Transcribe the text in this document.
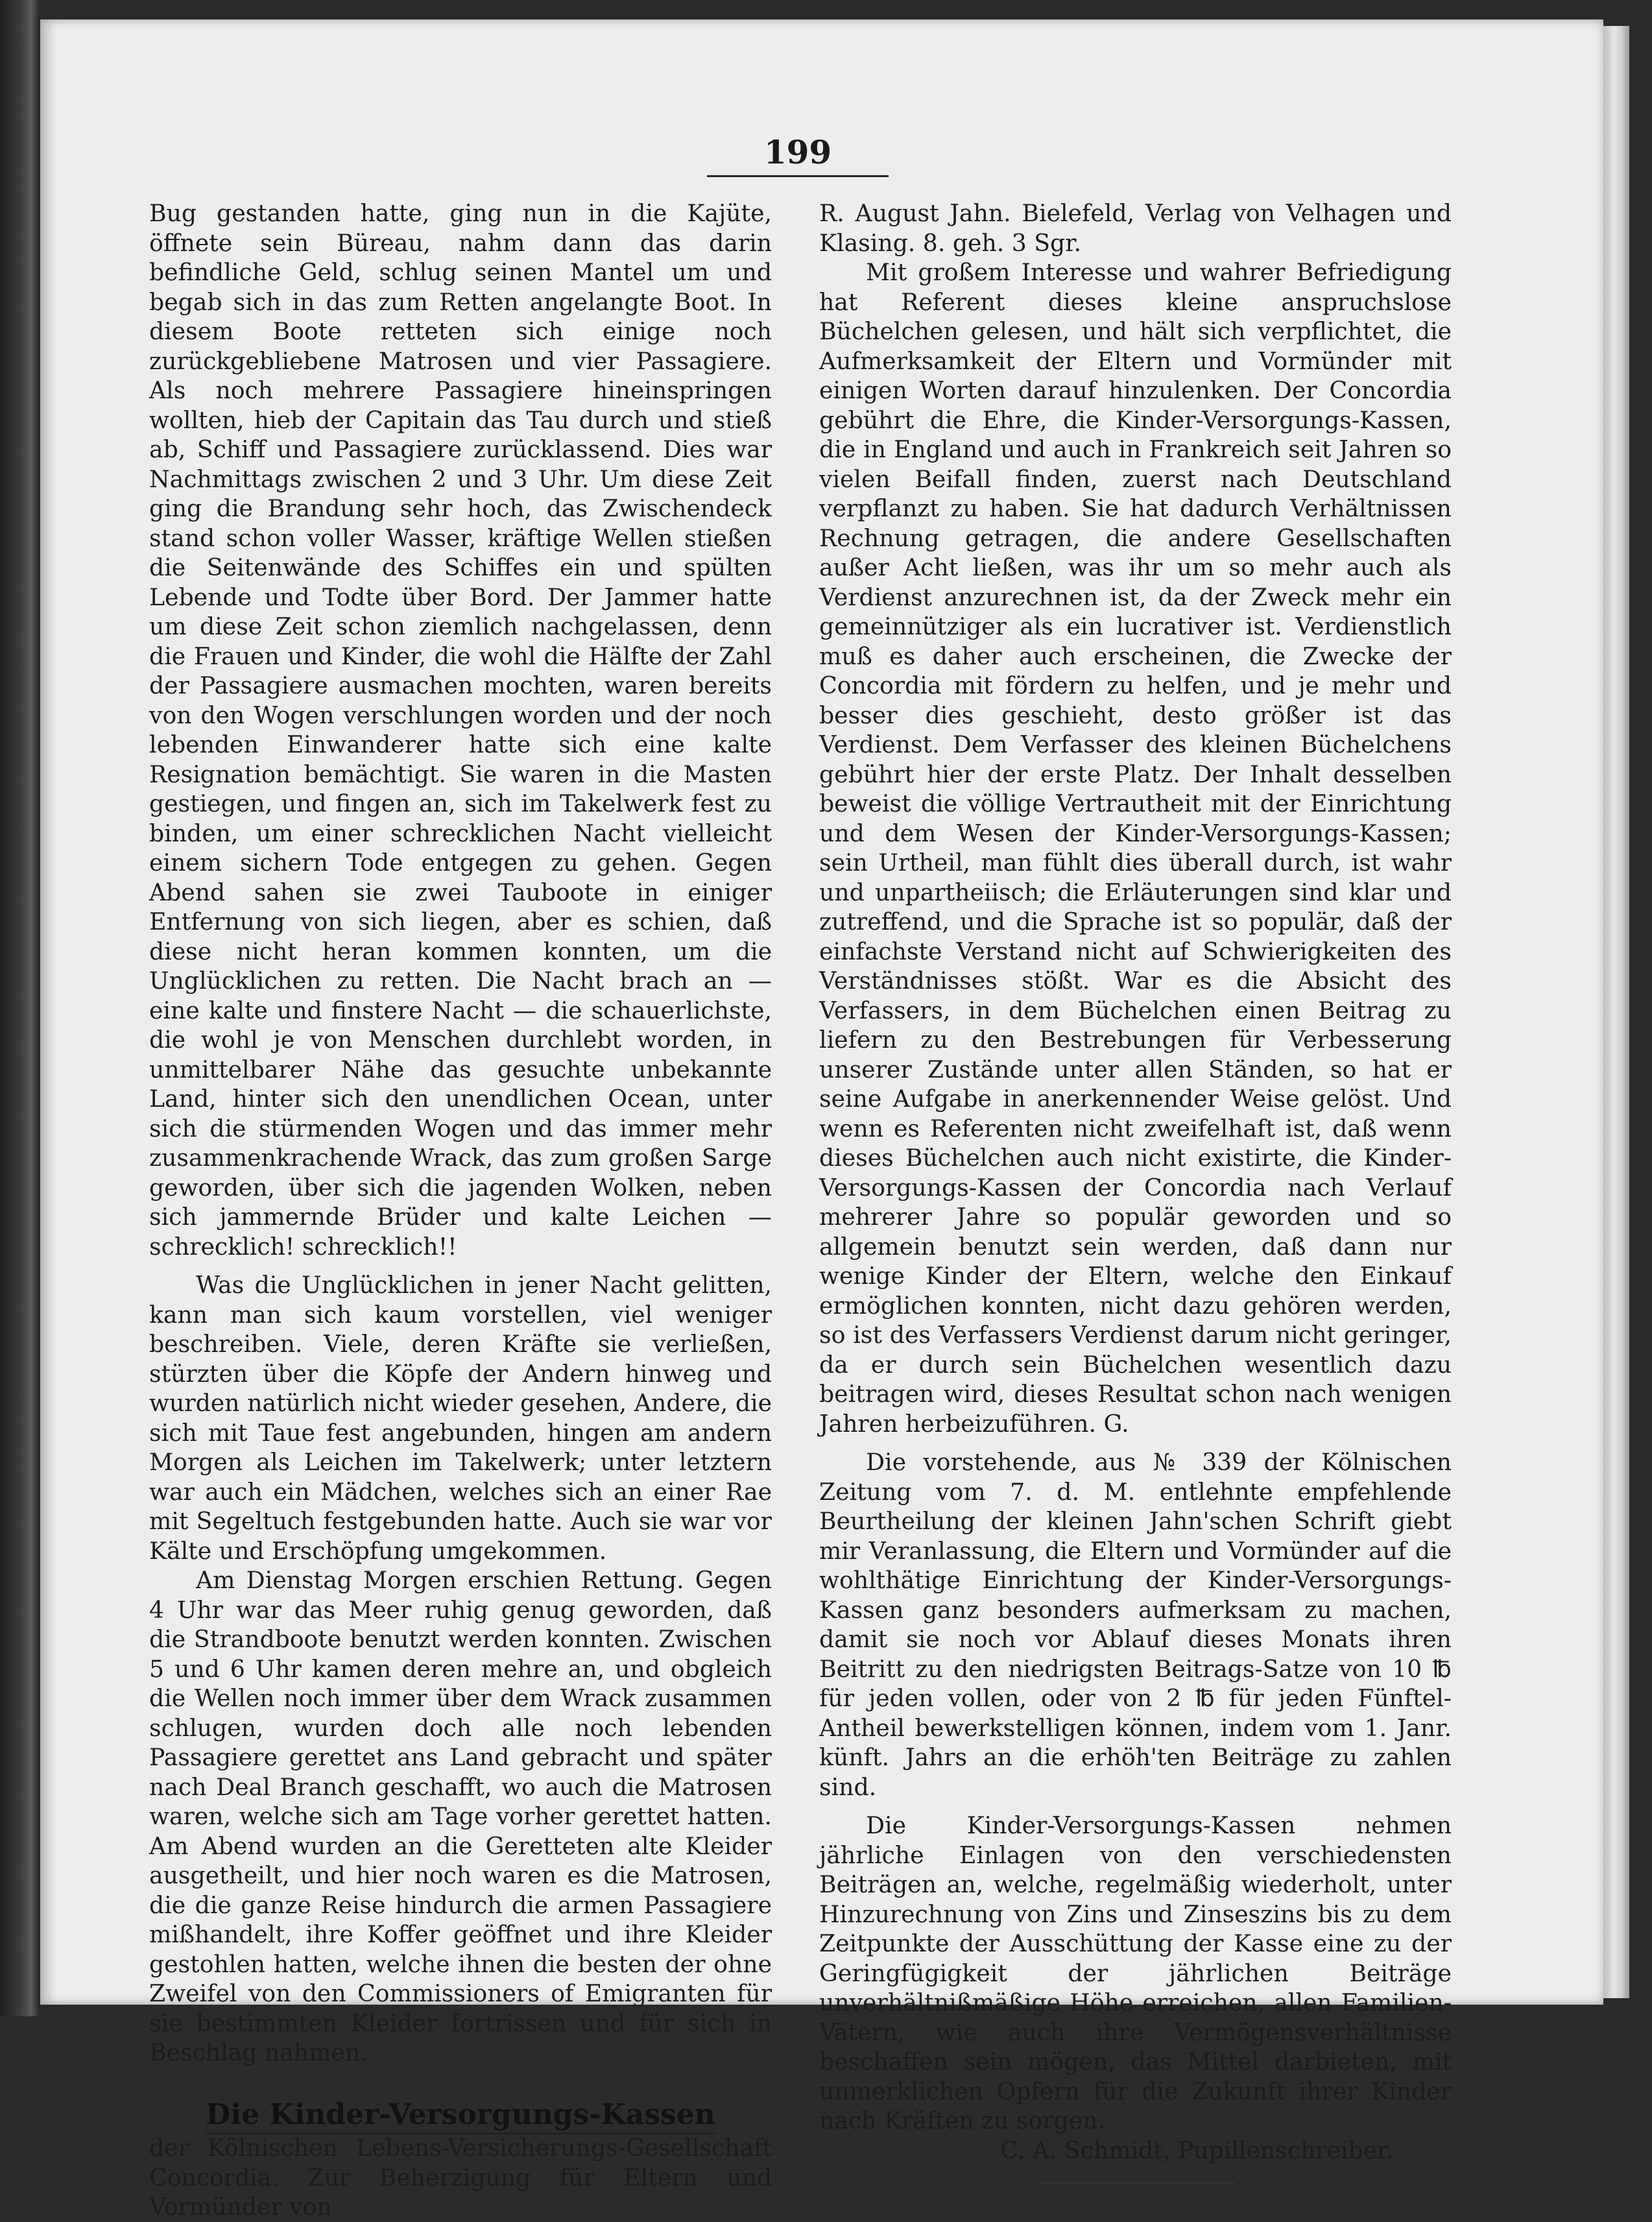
199

Bug gestanden hatte, ging nun in die Kajüte, öffnete sein Büreau, nahm dann das darin befindliche Geld, schlug seinen Mantel um und begab sich in das zum Retten angelangte Boot. In diesem Boote retteten sich einige noch zurückgebliebene Matrosen und vier Passagiere. Als noch mehrere Passagiere hineinspringen wollten, hieb der Capitain das Tau durch und stieß ab, Schiff und Passagiere zurücklassend. Dies war Nachmittags zwischen 2 und 3 Uhr. Um diese Zeit ging die Brandung sehr hoch, das Zwischendeck stand schon voller Wasser, kräftige Wellen stießen die Seitenwände des Schiffes ein und spülten Lebende und Todte über Bord. Der Jammer hatte um diese Zeit schon ziemlich nachgelassen, denn die Frauen und Kinder, die wohl die Hälfte der Zahl der Passagiere ausmachen mochten, waren bereits von den Wogen verschlungen worden und der noch lebenden Einwanderer hatte sich eine kalte Resignation bemächtigt. Sie waren in die Masten gestiegen, und fingen an, sich im Takelwerk fest zu binden, um einer schrecklichen Nacht vielleicht einem sichern Tode entgegen zu gehen. Gegen Abend sahen sie zwei Tauboote in einiger Entfernung von sich liegen, aber es schien, daß diese nicht heran kommen konnten, um die Unglücklichen zu retten. Die Nacht brach an — eine kalte und finstere Nacht — die schauerlichste, die wohl je von Menschen durchlebt worden, in unmittelbarer Nähe das gesuchte unbekannte Land, hinter sich den unendlichen Ocean, unter sich die stürmenden Wogen und das immer mehr zusammenkrachende Wrack, das zum großen Sarge geworden, über sich die jagenden Wolken, neben sich jammernde Brüder und kalte Leichen — schrecklich! schrecklich!!

Was die Unglücklichen in jener Nacht gelitten, kann man sich kaum vorstellen, viel weniger beschreiben. Viele, deren Kräfte sie verließen, stürzten über die Köpfe der Andern hinweg und wurden natürlich nicht wieder gesehen, Andere, die sich mit Taue fest angebunden, hingen am andern Morgen als Leichen im Takelwerk; unter letztern war auch ein Mädchen, welches sich an einer Rae mit Segeltuch festgebunden hatte. Auch sie war vor Kälte und Erschöpfung umgekommen.

Am Dienstag Morgen erschien Rettung. Gegen 4 Uhr war das Meer ruhig genug geworden, daß die Strandboote benutzt werden konnten. Zwischen 5 und 6 Uhr kamen deren mehre an, und obgleich die Wellen noch immer über dem Wrack zusammen schlugen, wurden doch alle noch lebenden Passagiere gerettet ans Land gebracht und später nach Deal Branch geschafft, wo auch die Matrosen waren, welche sich am Tage vorher gerettet hatten. Am Abend wurden an die Geretteten alte Kleider ausgetheilt, und hier noch waren es die Matrosen, die die ganze Reise hindurch die armen Passagiere mißhandelt, ihre Koffer geöffnet und ihre Kleider gestohlen hatten, welche ihnen die besten der ohne Zweifel von den Commissioners of Emigranten für sie bestimmten Kleider fortrissen und für sich in Beschlag nahmen.

Die Kinder-Versorgungs-Kassen

der Kölnischen Lebens-Versicherungs-Gesellschaft Concordia. Zur Beherzigung für Eltern und Vormünder von

R. August Jahn. Bielefeld, Verlag von Velhagen und Klasing. 8. geh. 3 Sgr.

Mit großem Interesse und wahrer Befriedigung hat Referent dieses kleine anspruchslose Büchelchen gelesen, und hält sich verpflichtet, die Aufmerksamkeit der Eltern und Vormünder mit einigen Worten darauf hinzulenken. Der Concordia gebührt die Ehre, die Kinder-Versorgungs-Kassen, die in England und auch in Frankreich seit Jahren so vielen Beifall finden, zuerst nach Deutschland verpflanzt zu haben. Sie hat dadurch Verhältnissen Rechnung getragen, die andere Gesellschaften außer Acht ließen, was ihr um so mehr auch als Verdienst anzurechnen ist, da der Zweck mehr ein gemeinnütziger als ein lucrativer ist. Verdienstlich muß es daher auch erscheinen, die Zwecke der Concordia mit fördern zu helfen, und je mehr und besser dies geschieht, desto größer ist das Verdienst. Dem Verfasser des kleinen Büchelchens gebührt hier der erste Platz. Der Inhalt desselben beweist die völlige Vertrautheit mit der Einrichtung und dem Wesen der Kinder-Versorgungs-Kassen; sein Urtheil, man fühlt dies überall durch, ist wahr und unpartheiisch; die Erläuterungen sind klar und zutreffend, und die Sprache ist so populär, daß der einfachste Verstand nicht auf Schwierigkeiten des Verständnisses stößt. War es die Absicht des Verfassers, in dem Büchelchen einen Beitrag zu liefern zu den Bestrebungen für Verbesserung unserer Zustände unter allen Ständen, so hat er seine Aufgabe in anerkennender Weise gelöst. Und wenn es Referenten nicht zweifelhaft ist, daß wenn dieses Büchelchen auch nicht existirte, die Kinder-Versorgungs-Kassen der Concordia nach Verlauf mehrerer Jahre so populär geworden und so allgemein benutzt sein werden, daß dann nur wenige Kinder der Eltern, welche den Einkauf ermöglichen konnten, nicht dazu gehören werden, so ist des Verfassers Verdienst darum nicht geringer, da er durch sein Büchelchen wesentlich dazu beitragen wird, dieses Resultat schon nach wenigen Jahren herbeizuführen. G.

Die vorstehende, aus № 339 der Kölnischen Zeitung vom 7. d. M. entlehnte empfehlende Beurtheilung der kleinen Jahn'schen Schrift giebt mir Veranlassung, die Eltern und Vormünder auf die wohlthätige Einrichtung der Kinder-Versorgungs-Kassen ganz besonders aufmerksam zu machen, damit sie noch vor Ablauf dieses Monats ihren Beitritt zu den niedrigsten Beitrags-Satze von 10 ℔ für jeden vollen, oder von 2 ℔ für jeden Fünftel-Antheil bewerkstelligen können, indem vom 1. Janr. künft. Jahrs an die erhöh'ten Beiträge zu zahlen sind.

Die Kinder-Versorgungs-Kassen nehmen jährliche Einlagen von den verschiedensten Beiträgen an, welche, regelmäßig wiederholt, unter Hinzurechnung von Zins und Zinseszins bis zu dem Zeitpunkte der Ausschüttung der Kasse eine zu der Geringfügigkeit der jährlichen Beiträge unverhältnißmäßige Höhe erreichen, allen Familien-Vätern, wie auch ihre Vermögensverhältnisse beschaffen sein mögen, das Mittel darbieten, mit unmerklichen Opfern für die Zukunft ihrer Kinder nach Kräften zu sorgen.

C. A. Schmidt, Pupillenschreiber.
